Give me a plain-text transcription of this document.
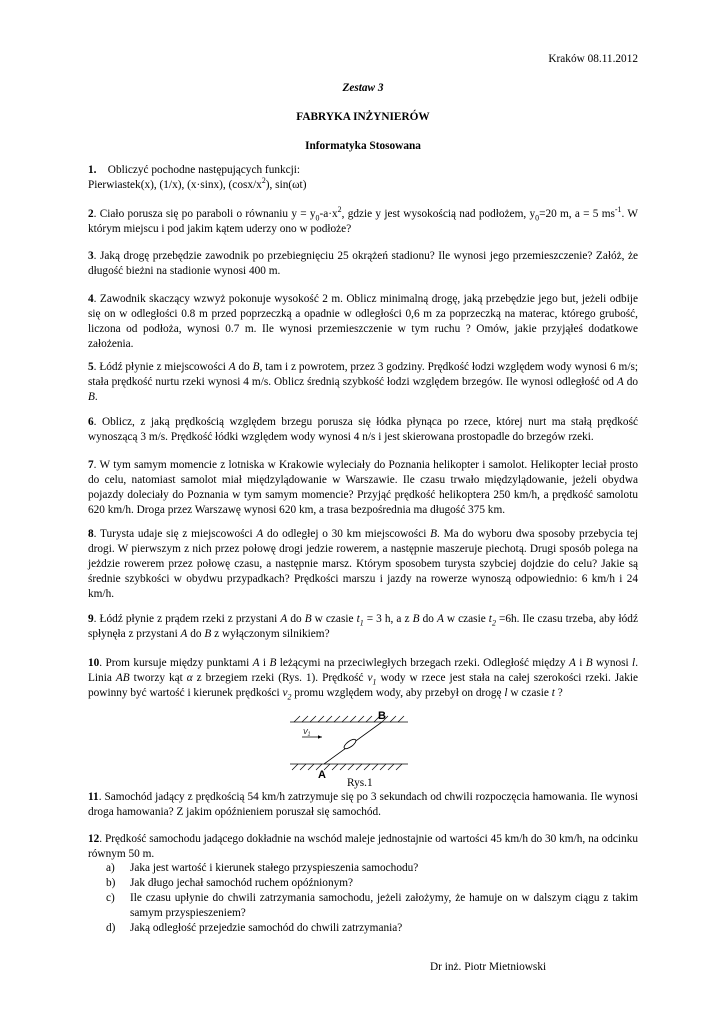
Kraków 08.11.2012
Zestaw 3
FABRYKA INŻYNIERÓW
Informatyka Stosowana
1. Obliczyć pochodne następujących funkcji:
Pierwiastek(x), (1/x), (x·sinx), $(\cos x/x^2)$, sin(ωt)
2. Ciało porusza się po paraboli o równaniu $y = y_0-a\cdot x^2$, gdzie y jest wysokością nad podłożem, $y_0=20$ m, a = 5 $ms^{-1}$. W którym miejscu i pod jakim kątem uderzy ono w podłoże?
3. Jaką drogę przebędzie zawodnik po przebiegnięciu 25 okrążeń stadionu? Ile wynosi jego przemieszczenie? Załóż, że długość bieżni na stadionie wynosi 400 m.
4. Zawodnik skaczący wzwyż pokonuje wysokość 2 m. Oblicz minimalną drogę, jaką przebędzie jego but, jeżeli odbije się on w odległości 0.8 m przed poprzeczką a opadnie w odległości 0,6 m za poprzeczką na materac, którego grubość, liczona od podłoża, wynosi 0.7 m. Ile wynosi przemieszczenie w tym ruchu ? Omów, jakie przyjąłeś dodatkowe założenia.
5. Łódź płynie z miejscowości A do B, tam i z powrotem, przez 3 godziny. Prędkość łodzi względem wody wynosi 6 m/s; stała prędkość nurtu rzeki wynosi 4 m/s. Oblicz średnią szybkość łodzi względem brzegów. Ile wynosi odległość od A do B.
6. Oblicz, z jaką prędkością względem brzegu porusza się łódka płynąca po rzece, której nurt ma stałą prędkość wynoszącą 3 m/s. Prędkość łódki względem wody wynosi 4 n/s i jest skierowana prostopadle do brzegów rzeki.
7. W tym samym momencie z lotniska w Krakowie wyleciały do Poznania helikopter i samolot. Helikopter leciał prosto do celu, natomiast samolot miał międzylądowanie w Warszawie. Ile czasu trwało międzylądowanie, jeżeli obydwa pojazdy doleciały do Poznania w tym samym momencie? Przyjąć prędkość helikoptera 250 km/h, a prędkość samolotu 620 km/h. Droga przez Warszawę wynosi 620 km, a trasa bezpośrednia ma długość 375 km.
8. Turysta udaje się z miejscowości A do odległej o 30 km miejscowości B. Ma do wyboru dwa sposoby przebycia tej drogi. W pierwszym z nich przez połowę drogi jedzie rowerem, a następnie maszeruje piechotą. Drugi sposób polega na jeżdzie rowerem przez połowę czasu, a następnie marsz. Którym sposobem turysta szybciej dojdzie do celu? Jakie są średnie szybkości w obydwu przypadkach? Prędkości marszu i jazdy na rowerze wynoszą odpowiednio: 6 km/h i 24 km/h.
9. Łódź płynie z prądem rzeki z przystani A do B w czasie $t_1 = 3$ h, a z B do A w czasie $t_2 =6h$. Ile czasu trzeba, aby łódź spłynęła z przystani A do B z wyłączonym silnikiem?
10. Prom kursuje między punktami A i B leżącymi na przeciwległych brzegach rzeki. Odległość między A i B wynosi l. Linia AB tworzy kąt α z brzegiem rzeki (Rys. 1). Prędkość $v_1$ wody w rzece jest stała na całej szerokości rzeki. Jakie powinny być wartość i kierunek prędkości $v_2$ promu względem wody, aby przebył on drogę l w czasie t ?
$V_1$
B
A
Rys.1
11. Samochód jadący z prędkością 54 km/h zatrzymuje się po 3 sekundach od chwili rozpoczęcia hamowania. Ile wynosi droga hamowania? Z jakim opóźnieniem poruszał się samochód.
12. Prędkość samochodu jadącego dokładnie na wschód maleje jednostajnie od wartości 45 km/h do 30 km/h, na odcinku równym 50 m.
a) Jaka jest wartość i kierunek stałego przyspieszenia samochodu?
b) Jak długo jechał samochód ruchem opóźnionym?
c) Ile czasu upłynie do chwili zatrzymania samochodu, jeżeli założymy, że hamuje on w dalszym ciągu z takim samym przyspieszeniem?
d) Jaką odległość przejedzie samochód do chwili zatrzymania?
Dr inż. Piotr Mietniowski
